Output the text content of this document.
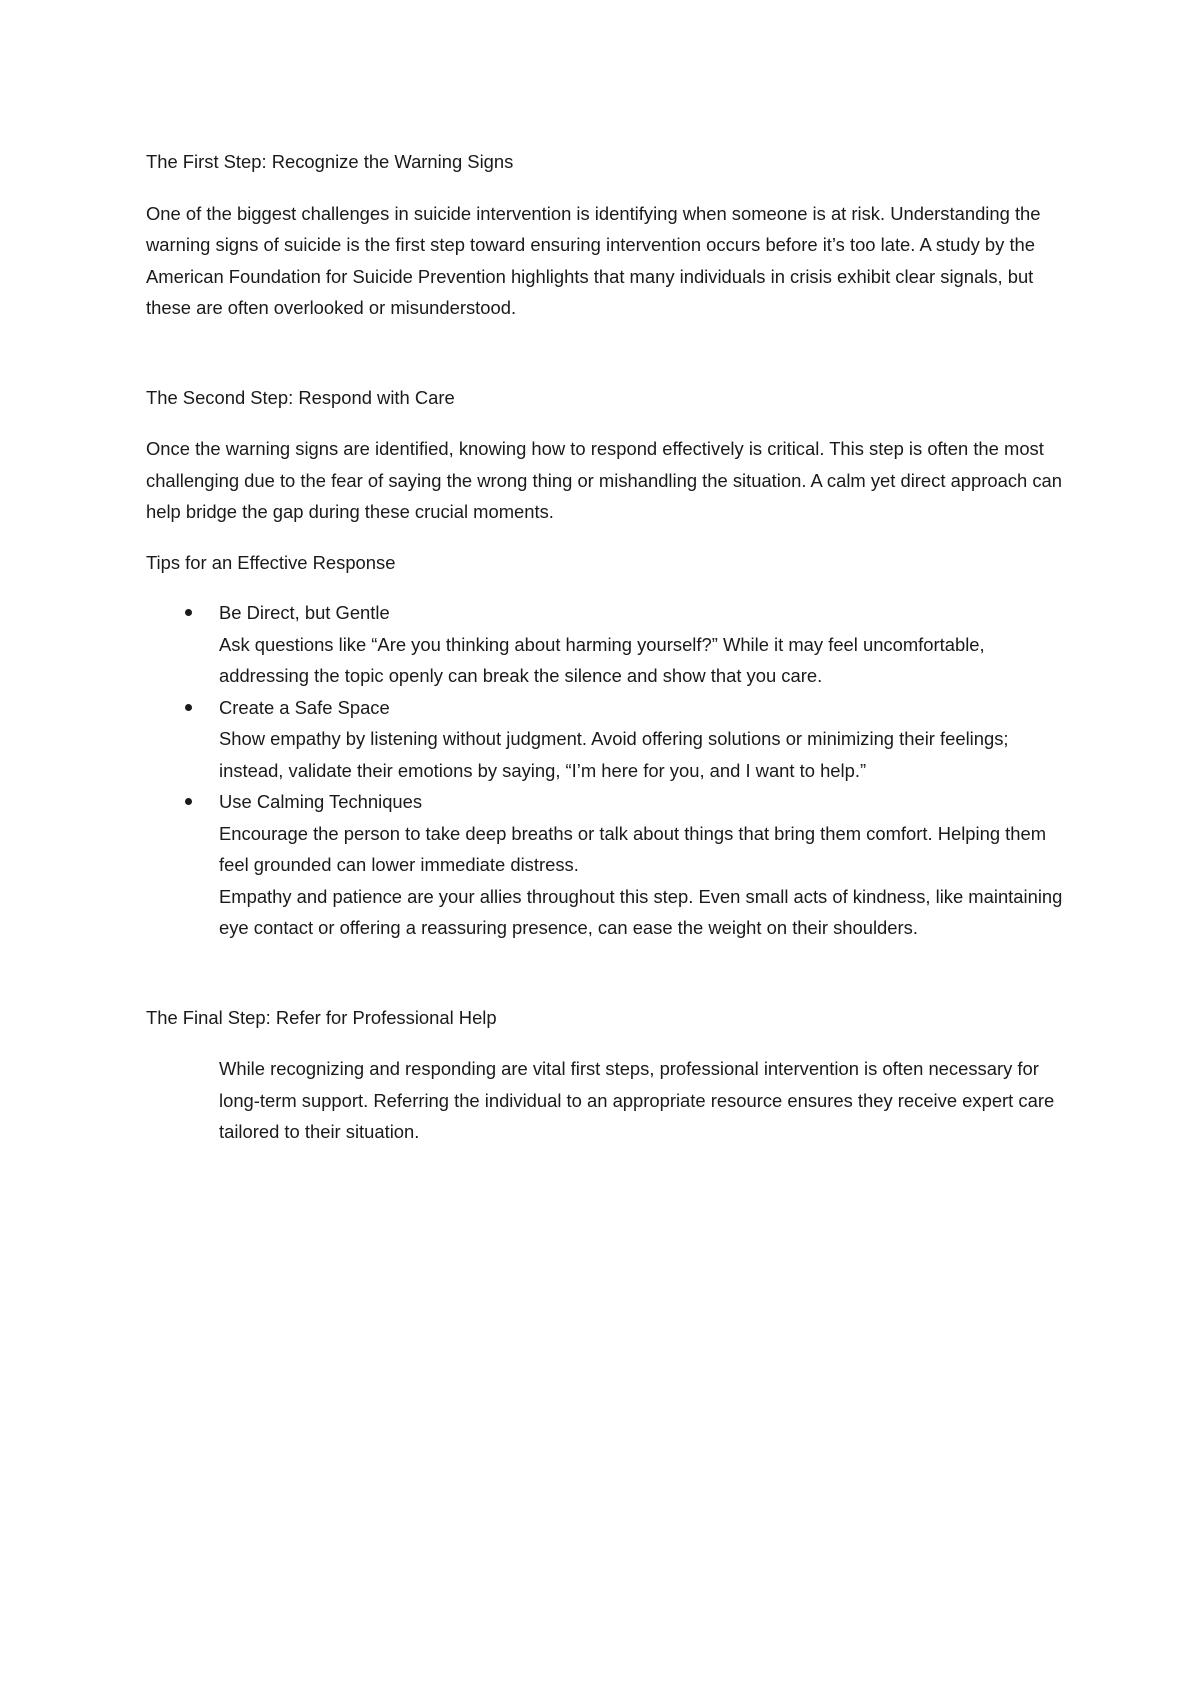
The First Step: Recognize the Warning Signs

One of the biggest challenges in suicide intervention is identifying when someone is at risk. Understanding the warning signs of suicide is the first step toward ensuring intervention occurs before it’s too late. A study by the American Foundation for Suicide Prevention highlights that many individuals in crisis exhibit clear signals, but these are often overlooked or misunderstood.

The Second Step: Respond with Care

Once the warning signs are identified, knowing how to respond effectively is critical. This step is often the most challenging due to the fear of saying the wrong thing or mishandling the situation. A calm yet direct approach can help bridge the gap during these crucial moments.

Tips for an Effective Response

Be Direct, but Gentle
Ask questions like “Are you thinking about harming yourself?” While it may feel uncomfortable, addressing the topic openly can break the silence and show that you care.
Create a Safe Space
Show empathy by listening without judgment. Avoid offering solutions or minimizing their feelings; instead, validate their emotions by saying, “I’m here for you, and I want to help.”
Use Calming Techniques
Encourage the person to take deep breaths or talk about things that bring them comfort. Helping them feel grounded can lower immediate distress.
Empathy and patience are your allies throughout this step. Even small acts of kindness, like maintaining eye contact or offering a reassuring presence, can ease the weight on their shoulders.

The Final Step: Refer for Professional Help

While recognizing and responding are vital first steps, professional intervention is often necessary for long-term support. Referring the individual to an appropriate resource ensures they receive expert care tailored to their situation.
